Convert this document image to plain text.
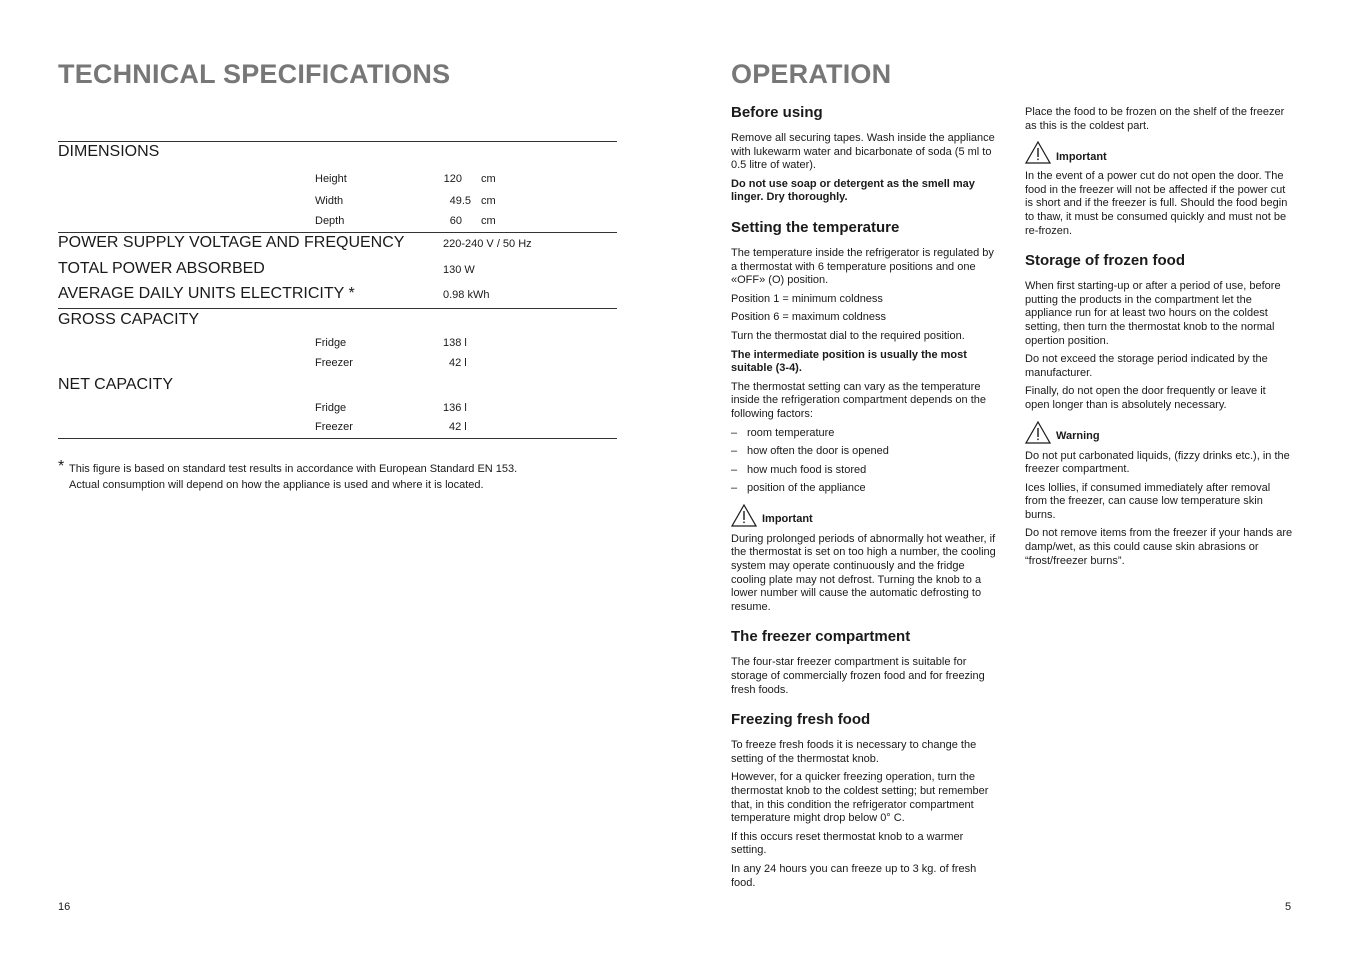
TECHNICAL SPECIFICATIONS
DIMENSIONS
Height	120 cm
Width	49.5 cm
Depth	60 cm
POWER SUPPLY VOLTAGE AND FREQUENCY	220-240 V / 50 Hz
TOTAL POWER ABSORBED	130 W
AVERAGE DAILY UNITS ELECTRICITY *	0.98 kWh
GROSS CAPACITY
Fridge	138 l
Freezer	42 l
NET CAPACITY
Fridge	136 l
Freezer	42 l
* This figure is based on standard test results in accordance with European Standard EN 153.
Actual consumption will depend on how the appliance is used and where it is located.
16
OPERATION
Before using

Remove all securing tapes. Wash inside the appliance with lukewarm water and bicarbonate of soda (5 ml to 0.5 litre of water).

Do not use soap or detergent as the smell may linger. Dry thoroughly.

Setting the temperature

The temperature inside the refrigerator is regulated by a thermostat with 6 temperature positions and one «OFF» (O) position.

Position 1 = minimum coldness

Position 6 = maximum coldness

Turn the thermostat dial to the required position.

The intermediate position is usually the most suitable (3-4).

The thermostat setting can vary as the temperature inside the refrigeration compartment depends on the following factors:

– room temperature
– how often the door is opened
– how much food is stored
– position of the appliance
Important

During prolonged periods of abnormally hot weather, if the thermostat is set on too high a number, the cooling system may operate continuously and the fridge cooling plate may not defrost. Turning the knob to a lower number will cause the automatic defrosting to resume.

The freezer compartment

The four-star freezer compartment is suitable for storage of commercially frozen food and for freezing fresh foods.

Freezing fresh food

To freeze fresh foods it is necessary to change the setting of the thermostat knob.

However, for a quicker freezing operation, turn the thermostat knob to the coldest setting; but remember that, in this condition the refrigerator compartment temperature might drop below 0° C.

If this occurs reset thermostat knob to a warmer setting.

In any 24 hours you can freeze up to 3 kg. of fresh food.

Place the food to be frozen on the shelf of the freezer as this is the coldest part.

Important

In the event of a power cut do not open the door. The food in the freezer will not be affected if the power cut is short and if the freezer is full. Should the food begin to thaw, it must be consumed quickly and must not be re-frozen.

Storage of frozen food

When first starting-up or after a period of use, before putting the products in the compartment let the appliance run for at least two hours on the coldest setting, then turn the thermostat knob to the normal opertion position.

Do not exceed the storage period indicated by the manufacturer.

Finally, do not open the door frequently or leave it open longer than is absolutely necessary.

Warning

Do not put carbonated liquids, (fizzy drinks etc.), in the freezer compartment.

Ices lollies, if consumed immediately after removal from the freezer, can cause low temperature skin burns.

Do not remove items from the freezer if your hands are damp/wet, as this could cause skin abrasions or “frost/freezer burns”.

5
